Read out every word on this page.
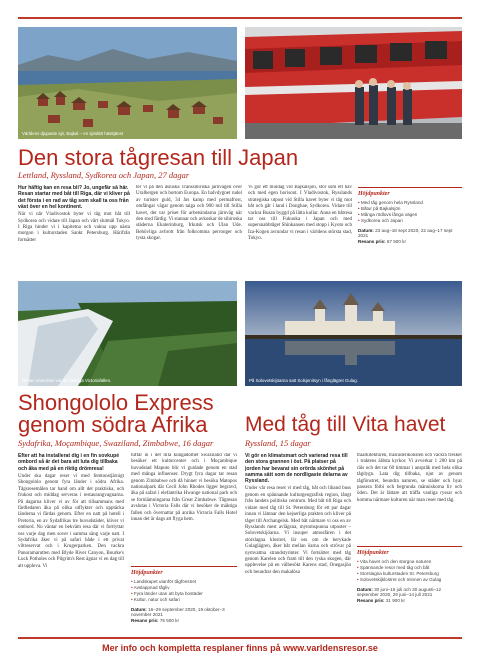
Världens djupaste sjö, Bajkal – en sjöslätt hästtjänst
Den stora tågresan till Japan
Lettland, Ryssland, Sydkorea och Japan, 27 dagar

Hur häftig kan en resa bli? Jo, ungefär så här. Resan startar med båt till Riga, där vi kliver på det första i en rad av tåg som skall ta oss från väst över en hel kontinent.

När vi når Vladivostok byter vi tåg mot båt till Sydkorea och vidare till Japan och vårt slutmål Tokyo. I Riga hinder vi i kapitetna och vakna upp nästa morgon i kulturstaden Sankt Petersburg. Härifrån fortsätter

ter vi på den åsniska Transsibiriska järnvägen över Uralbergen och bortom Europa. En halvdygnet rudel av turister guld, 34 års kamp med permafrost, omfångar vägar genom taiga och 900 mil till Stilla havet, det var priset för arbetsindarna järnväg när den stod färdig. Vi stannar och avkoskar de sibiroska städerna Ekaterinburg, Irkutsk och Ulan Ude. Behövliga avbrott från folkromma perronger och tysta skogar.

Vi gör ett muldag vid Bajkalsjön, stor som ett hav och med egen horisont. I Vladivostok, Rysslands strategiska utpost vid Stilla havet byter vi tåg mot båt och går i land i Donghae, Sydkorea. Vidare till vackra Busan byggd på lätta kullar. Anna en båtresa tar oss till Fukuoka i Japan och med supersnabbtåget Shinkansen med stopp i Kyoto och Iza-Kogen avrundar vi resan i världens största stad, Tokyo.

Höjdpunkter
• Med tåg genom hela Ryssland
• Båtur på Bajkalsjön
• Många rödluvs långa vägen
• Sydkorea och Japan
Datum: 23 aug–18 sept 2020, 22 aug–17 sept 2021
Resans pris: 67 500 kr
Resan utvecklas vid de mäktiga Victoriafallen.	På Solovetskijöarna satt Solsjenitsyn i fånglägret Gulag.
Shongololo Express
genom södra Afrika
Sydafrika, Moçambique, Swaziland, Zimbabwe, 16 dagar

Efter att ha installerat dig i en fin sovkupé ombord så är det bara att luta dig tillbaka och åka med på en riktig drömresa!

Under ska dagar reser vi med femtonstjärnigt Shongololo genom fyra länder i södra Afrika. Tågsresemålen tar hand om allt det praktiska, och frukost och middag serveras i restaurangvagnarna. På dagarna kliver vi av för att tillsammans med färdledaren åka på olika utflykter och upptäcka länderna vi färdas genom. Efter en natt på hotell i Pretoria, en av Sydafrikas tre huvudstäder, kliver vi ombord. Nu väntar en bekväm resa där vi fortlyttar oss varje dag men sover i samma säng varje natt. I Sydafrika åker vi på safari både i ett privat viltreservat och i Krugerparken. Den vackra Panoramarutten med Blyde River Canyon, Bourke's Luck Potholes och Pilgrim's Rest ägnar vi en dag till att uppleva. Vi

tuffar in i det lilla kungadömet Swaziland där vi besöker ett kulturcenter och i Moçambique huvudstad Maputo blir vi guidade genom en stad med många influenser. Drygt fyra dagar tar resan genom Zimbabwe och då hinner vi besöka Matopos nationalpark där Cecil John Rhodes ligger begravd, åka på safari i elefantrika Hwange national park och se fornlämningarna från Great Zimbabwe. Tågresan avslutas i Victoria Falls där vi besöker de mäktiga fallen och övernattar på anrika Victoria Falls Hotel innan det är dags att flyga hem.

Höjdpunkter
• Landskapet utanför tågfönstret
• Avslappnad tågliv
• Fyra länder utan att byta bostäder
• Kultur, natur och safari
Datum: 16–29 september 2020, 19 oktober–3 november 2021
Resans pris: 75 500 kr
Med tåg till Vita havet
Ryssland, 15 dagar

Vi gör en klimatsmart och varierad resa till den stora grannen i öst. På platser på jorden har bevarat sin orörda skönhet på samma sätt som de nordligaste delarna av Ryssland.

Under vår resa reser vi med tåg, båt och liband buss genom en spännande kulturgeografisk region, långt från landets politiska centrum. Med båt till Riga och vidare med tåg till St. Petersburg för ett par dagar innan vi lämnar den kejserliga prakten och kliver på tåget till Archangelsk. Med båt närmare vi oss en av Rysslands mest avlägsna, mytomspunna utposter – Solovetskijöarna. Vi insuper atmosfären i det storslagna klostret, lär oss om de berykade Gulaglägren, åker båt mellan öarna och strövar på nymvattna strandstyrinter. Vi fortsätter med tåg genom Karelen och fram till den ryska skogen, där upplevelse på en välbesökt Karens stad, Onegasjön och beundrar den makalösa

träarkitekturen, träsniderikonsten och vackra fresker i traktens äldsta kyrkor. Vi avverkar 1 200 km på räls och det tar 60 timmar i anspråk med hela olika tågdygn. Lata dig tillbaka, njut av genom tågfönstret, beundra naturen, se städer och byar passera förbi och begrunda människorna liv och öden. Det är lättare att träffa vanliga ryssar och komma närmare kulturen när man reser med tåg.

Höjdpunkter
• Vita havet och den storgna naturen
• Spännande resor med tåg och båt
• Storslagna kulturstaden St. Petersburg
• Solovetskijklostret och minnen av Gulag
Datum: 30 juni–15 juli och 30 augusti–12 september 2020, 29 juni–14 juli 2021
Resans pris: 31 900 kr
Mer info och kompletta resplaner finns på www.varldensresor.se
